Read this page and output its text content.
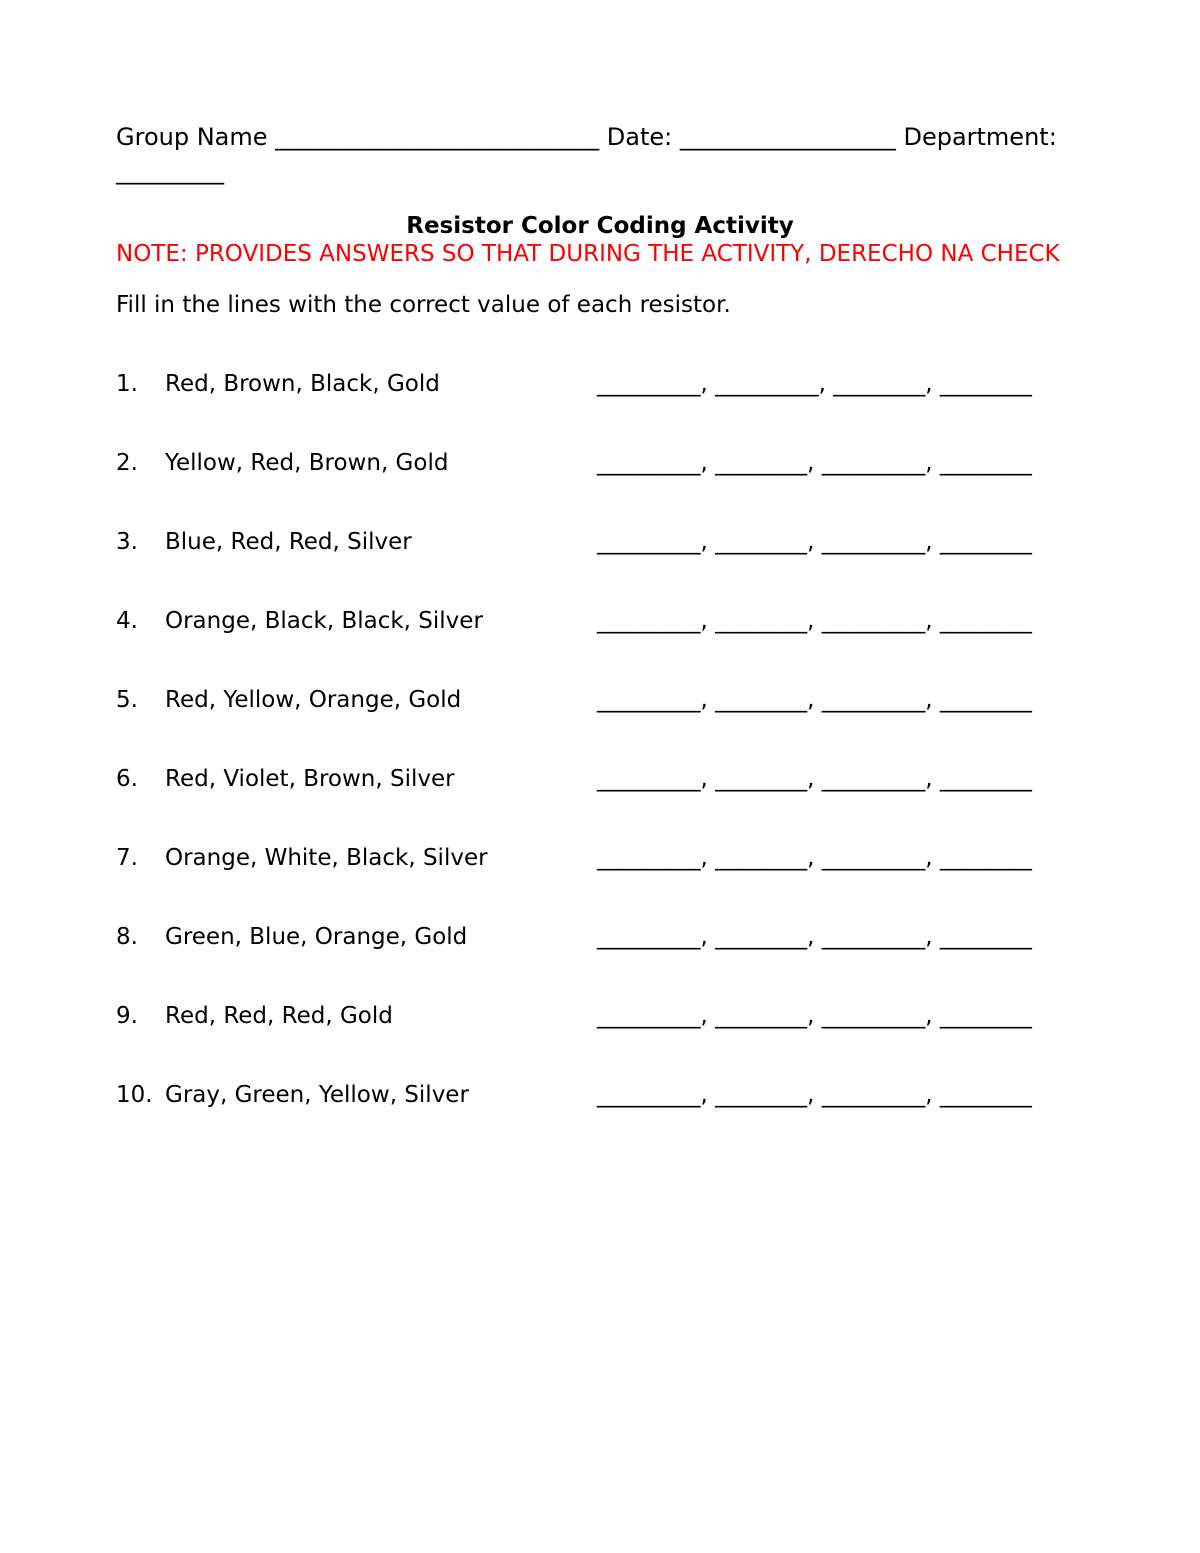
Group Name ___________________________ Date: __________________ Department:
_________
Resistor Color Coding Activity
NOTE: PROVIDES ANSWERS SO THAT DURING THE ACTIVITY, DERECHO NA CHECK
Fill in the lines with the correct value of each resistor.
1. Red, Brown, Black, Gold	_________, _________, ________, ________
2. Yellow, Red, Brown, Gold	_________, ________, _________, ________
3. Blue, Red, Red, Silver	_________, ________, _________, ________
4. Orange, Black, Black, Silver	_________, ________, _________, ________
5. Red, Yellow, Orange, Gold	_________, ________, _________, ________
6. Red, Violet, Brown, Silver	_________, ________, _________, ________
7. Orange, White, Black, Silver	_________, ________, _________, ________
8. Green, Blue, Orange, Gold	_________, ________, _________, ________
9. Red, Red, Red, Gold	_________, ________, _________, ________
10. Gray, Green, Yellow, Silver	_________, ________, _________, ________
